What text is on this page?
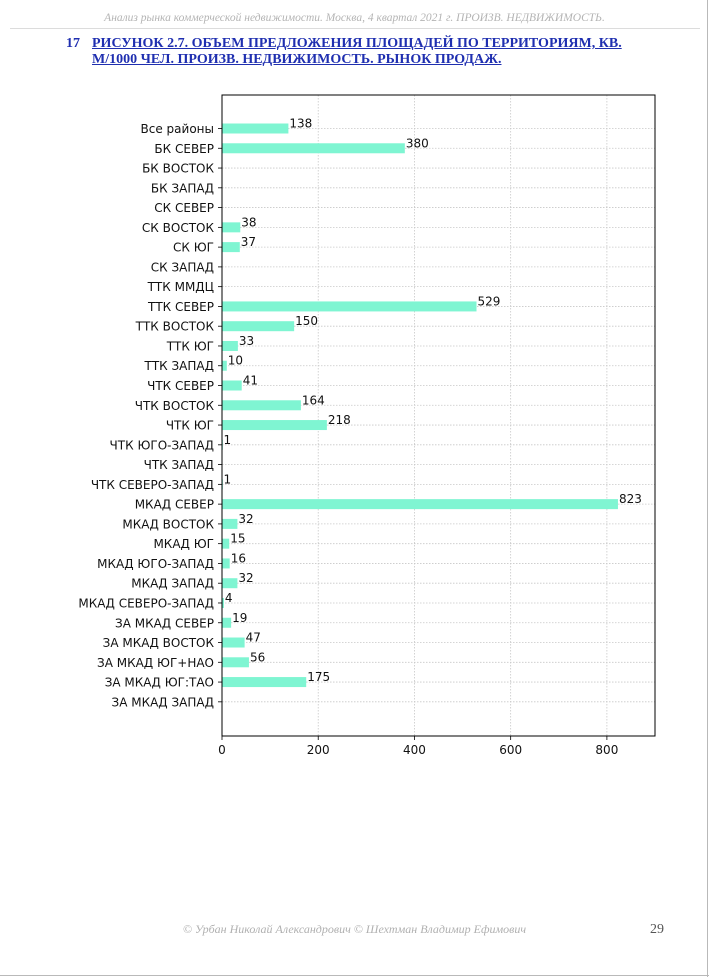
Анализ рынка коммерческой недвижимости. Москва, 4 квартал 2021 г. ПРОИЗВ. НЕДВИЖИМОСТЬ.
17 РИСУНОК 2.7. ОБЪЕМ ПРЕДЛОЖЕНИЯ ПЛОЩАДЕЙ ПО ТЕРРИТОРИЯМ, КВ. М/1000 ЧЕЛ. ПРОИЗВ. НЕДВИЖИМОСТЬ. РЫНОК ПРОДАЖ.
Все районы	138
БК СЕВЕР	380
БК ВОСТОК
БК ЗАПАД
СК СЕВЕР
СК ВОСТОК 38
СК ЮГ 37
СК ЗАПАД
ТТК ММДЦ
ТТК СЕВЕР	529
ТТК ВОСТОК	150
ТТК ЮГ 33
ТТК ЗАПАД 10
ЧТК СЕВЕР 41
ЧТК ВОСТОК	164
ЧТК ЮГ	218
ЧТК ЮГО-ЗАПАД 1
ЧТК ЗАПАД
ЧТК СЕВЕРО-ЗАПАД 1
МКАД СЕВЕР	823
МКАД ВОСТОК 32
МКАД ЮГ 15
МКАД ЮГО-ЗАПАД 16
МКАД ЗАПАД 32
МКАД СЕВЕРО-ЗАПАД 4
ЗА МКАД СЕВЕР 19
ЗА МКАД ВОСТОК	47
ЗА МКАД ЮГ+НАО	56
ЗА МКАД ЮГ:ТАО	175
ЗА МКАД ЗАПАД
0	200	400	600	800
© Урбан Николай Александрович © Шехтман Владимир Ефимович	29
